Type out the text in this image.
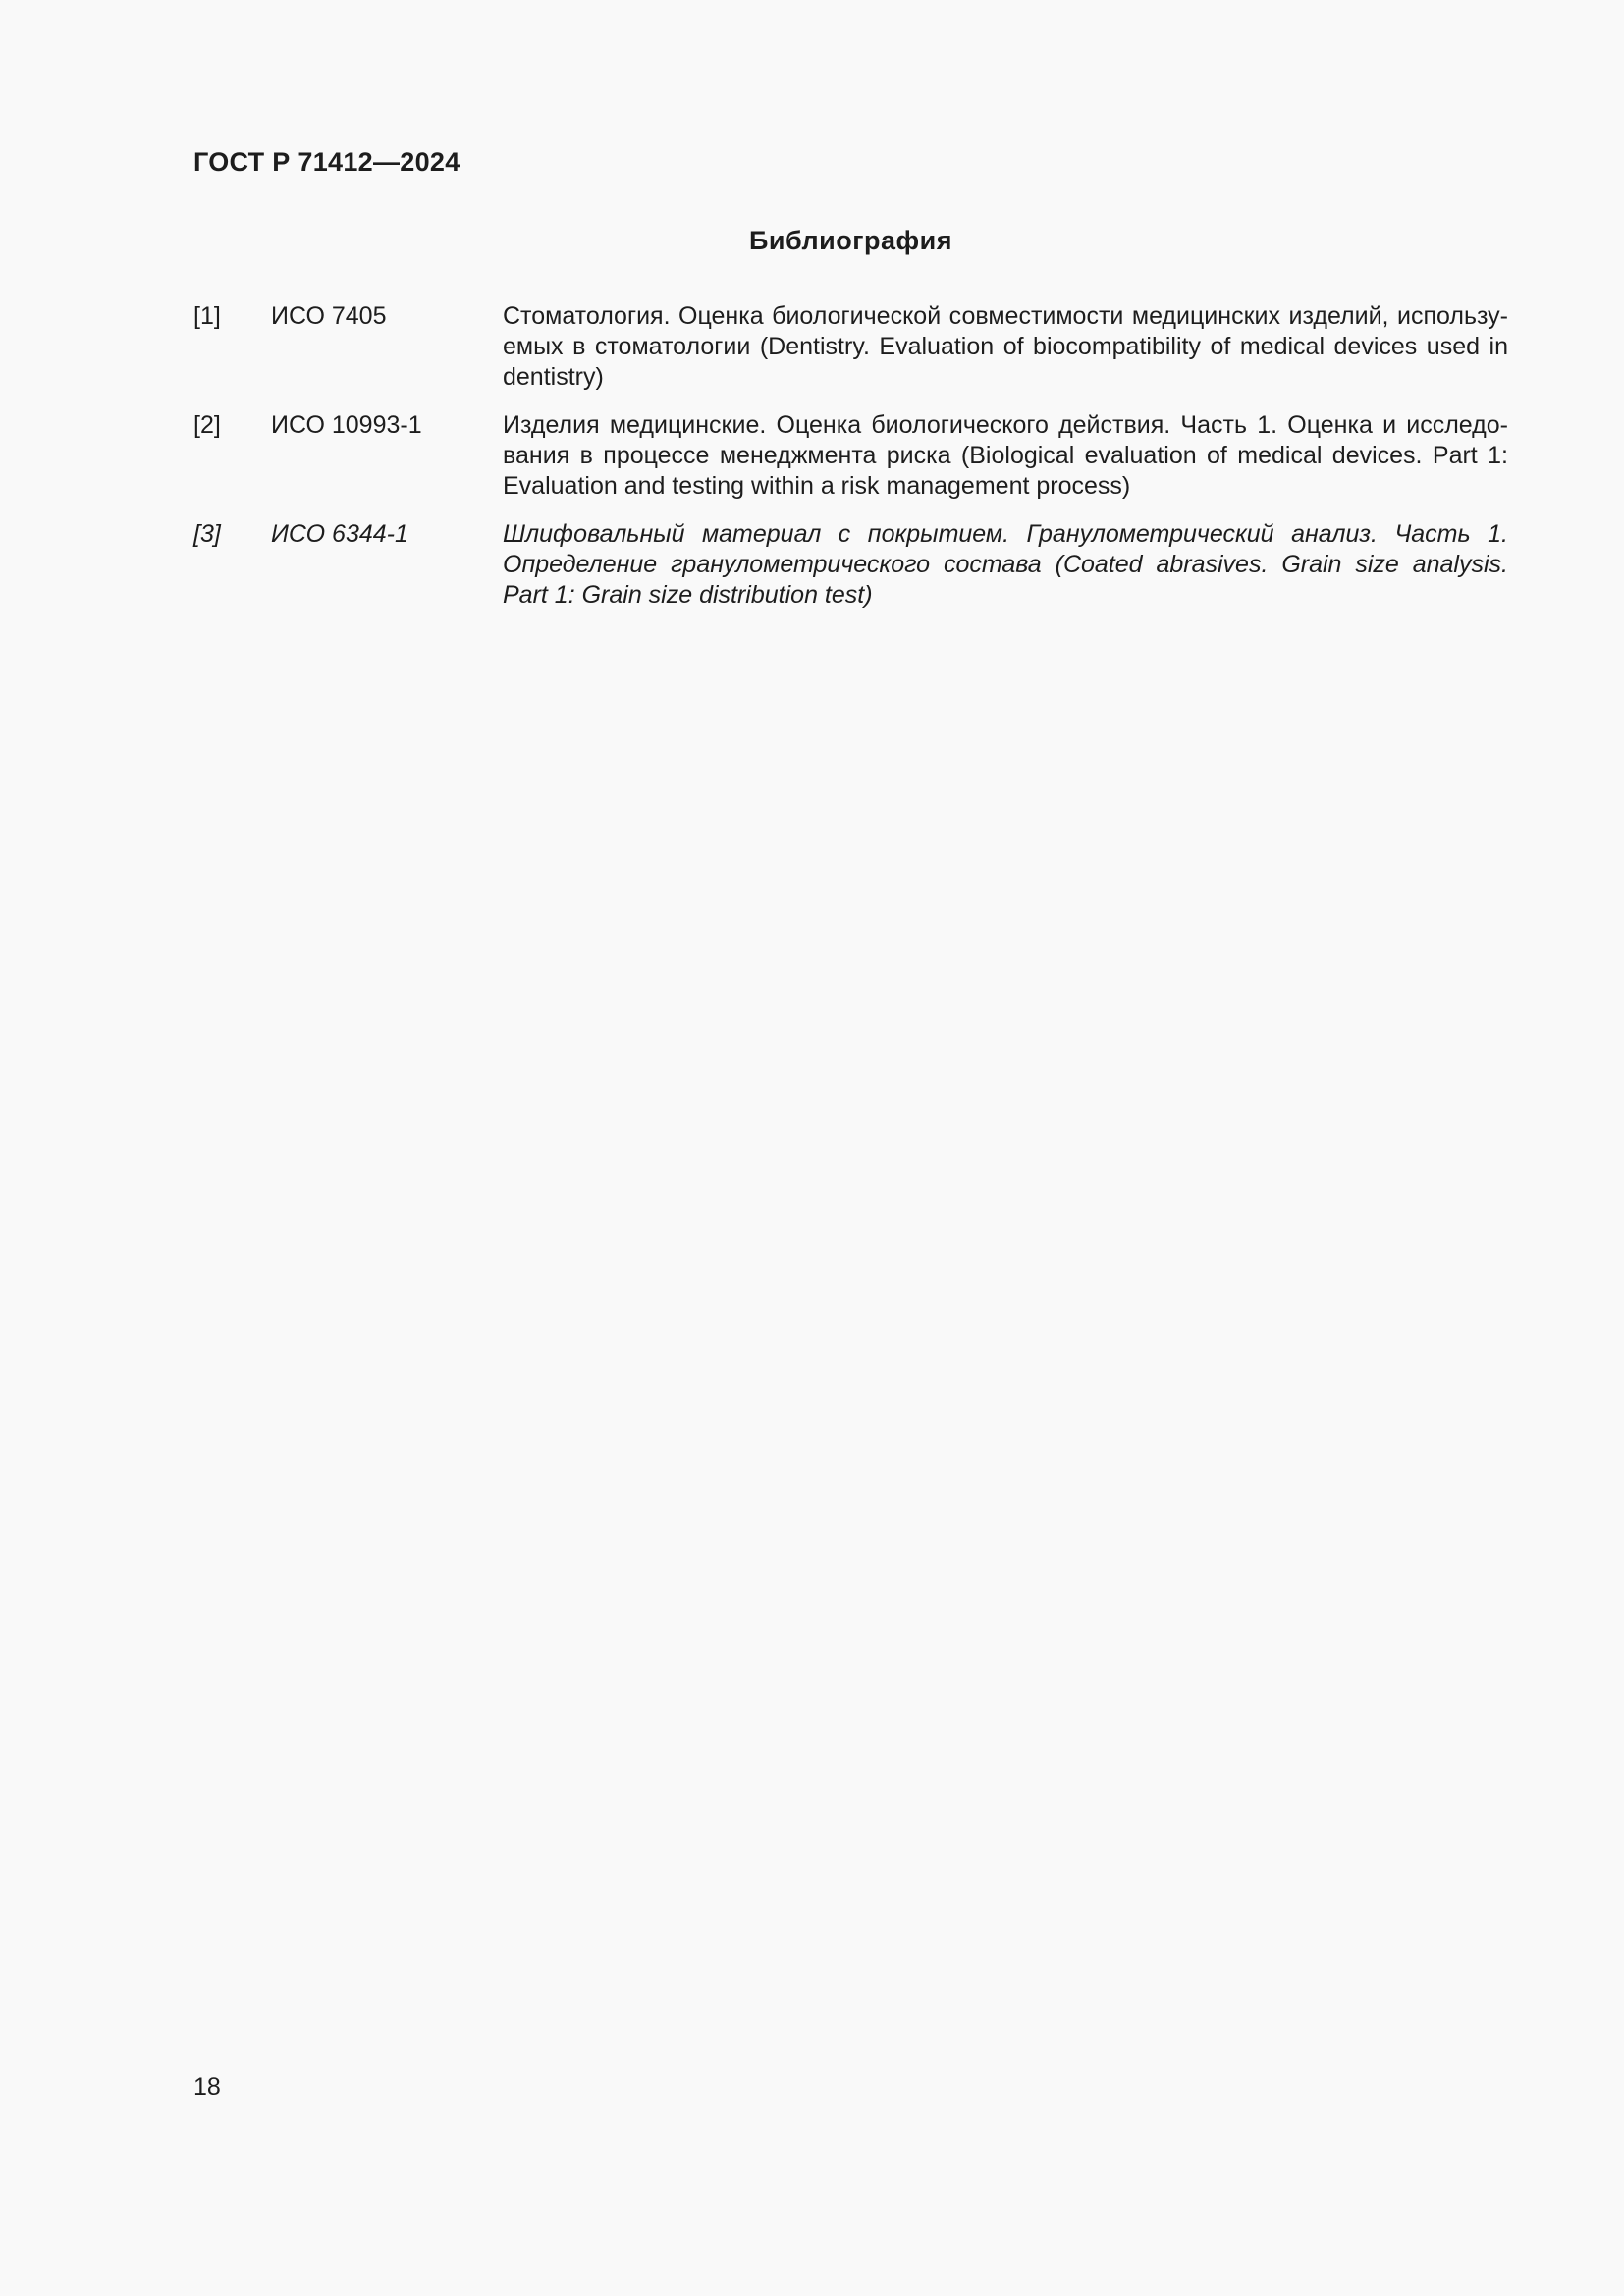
ГОСТ Р 71412—2024
Библиография
[1]	ИСО 7405	Стоматология. Оценка биологической совместимости медицинских изделий, используемых в стоматологии (Dentistry. Evaluation of biocompatibility of medical devices used in dentistry)
[2]	ИСО 10993-1	Изделия медицинские. Оценка биологического действия. Часть 1. Оценка и исследования в процессе менеджмента риска (Biological evaluation of medical devices. Part 1: Evaluation and testing within a risk management process)
[3]	ИСО 6344-1	Шлифовальный материал с покрытием. Гранулометрический анализ. Часть 1. Определение гранулометрического состава (Coated abrasives. Grain size analysis. Part 1: Grain size distribution test)
18
